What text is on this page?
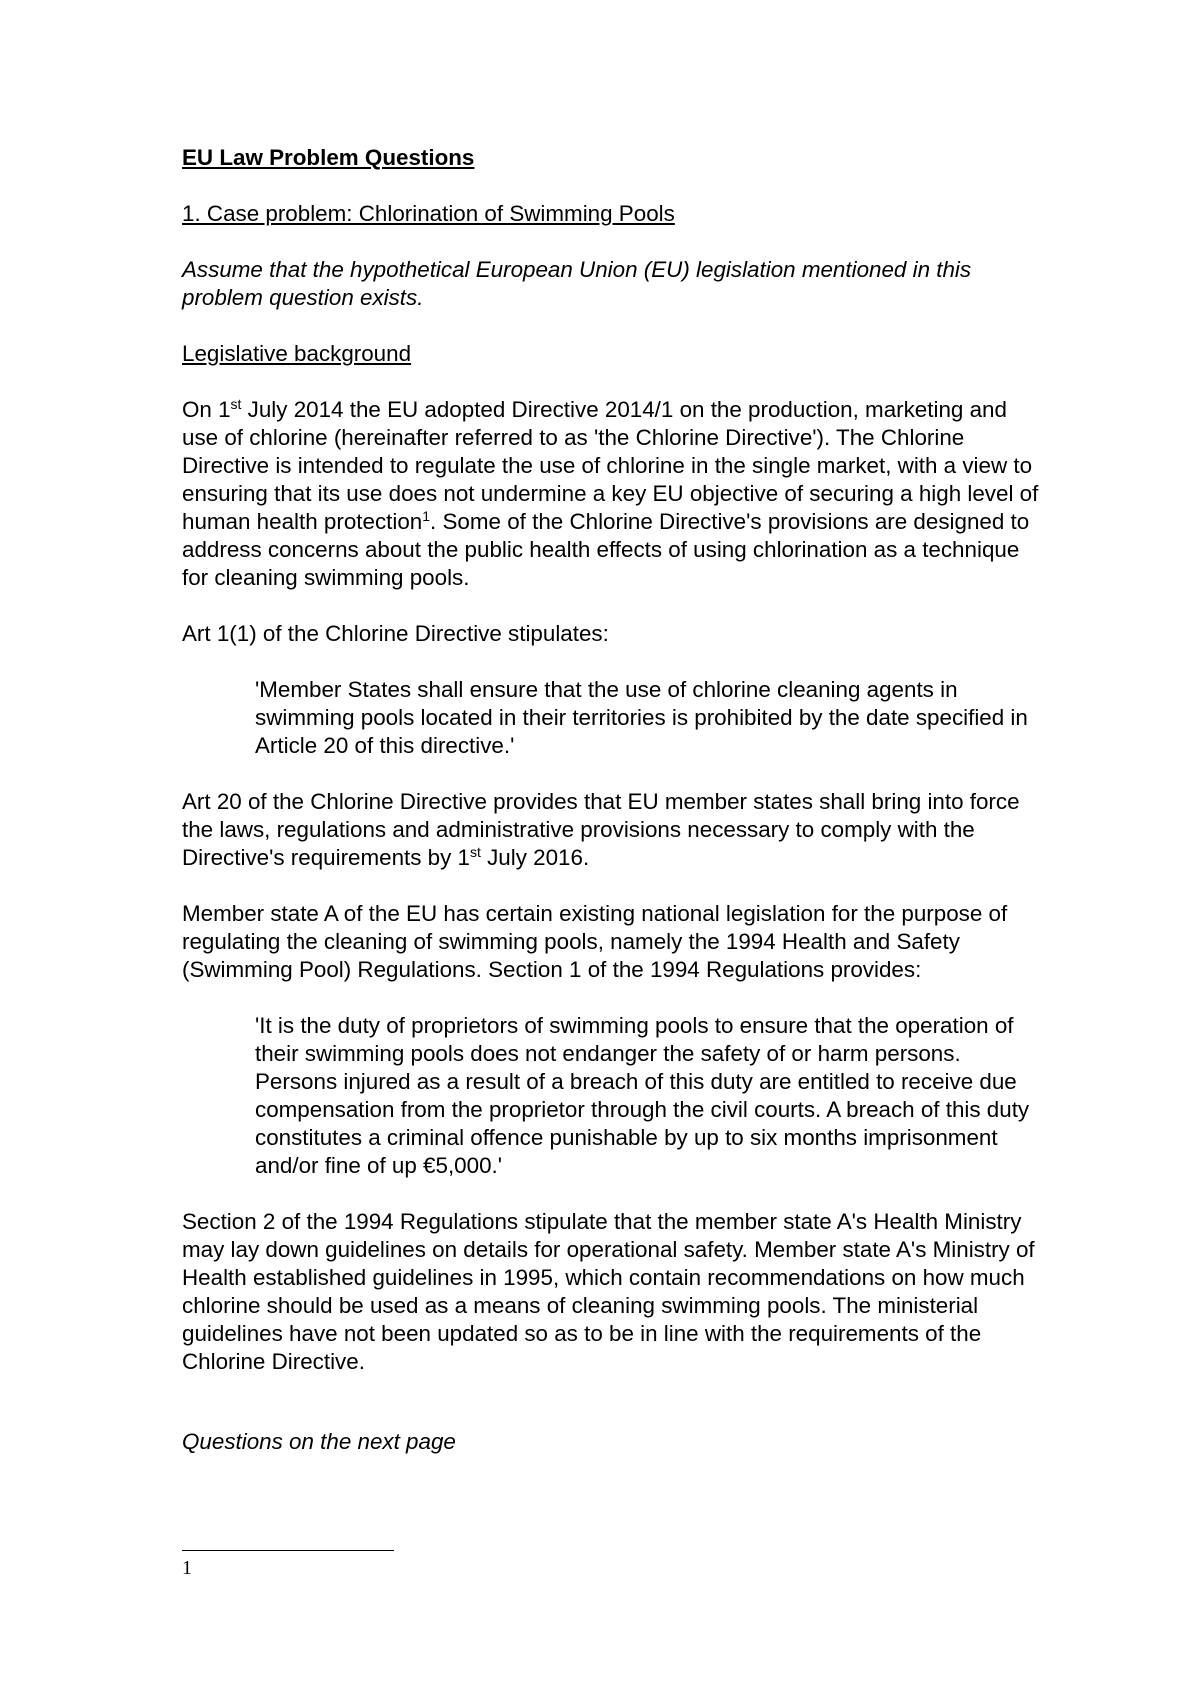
EU Law Problem Questions

1. Case problem: Chlorination of Swimming Pools

Assume that the hypothetical European Union (EU) legislation mentioned in this problem question exists.

Legislative background

On 1st July 2014 the EU adopted Directive 2014/1 on the production, marketing and use of chlorine (hereinafter referred to as 'the Chlorine Directive'). The Chlorine Directive is intended to regulate the use of chlorine in the single market, with a view to ensuring that its use does not undermine a key EU objective of securing a high level of human health protection$^1$. Some of the Chlorine Directive's provisions are designed to address concerns about the public health effects of using chlorination as a technique for cleaning swimming pools.

Art 1(1) of the Chlorine Directive stipulates:

'Member States shall ensure that the use of chlorine cleaning agents in swimming pools located in their territories is prohibited by the date specified in Article 20 of this directive.'

Art 20 of the Chlorine Directive provides that EU member states shall bring into force the laws, regulations and administrative provisions necessary to comply with the Directive's requirements by 1st July 2016.

Member state A of the EU has certain existing national legislation for the purpose of regulating the cleaning of swimming pools, namely the 1994 Health and Safety (Swimming Pool) Regulations. Section 1 of the 1994 Regulations provides:

'It is the duty of proprietors of swimming pools to ensure that the operation of their swimming pools does not endanger the safety of or harm persons. Persons injured as a result of a breach of this duty are entitled to receive due compensation from the proprietor through the civil courts. A breach of this duty constitutes a criminal offence punishable by up to six months imprisonment and/or fine of up €5,000.'

Section 2 of the 1994 Regulations stipulate that the member state A's Health Ministry may lay down guidelines on details for operational safety. Member state A's Ministry of Health established guidelines in 1995, which contain recommendations on how much chlorine should be used as a means of cleaning swimming pools. The ministerial guidelines have not been updated so as to be in line with the requirements of the Chlorine Directive.

Questions on the next page

1
